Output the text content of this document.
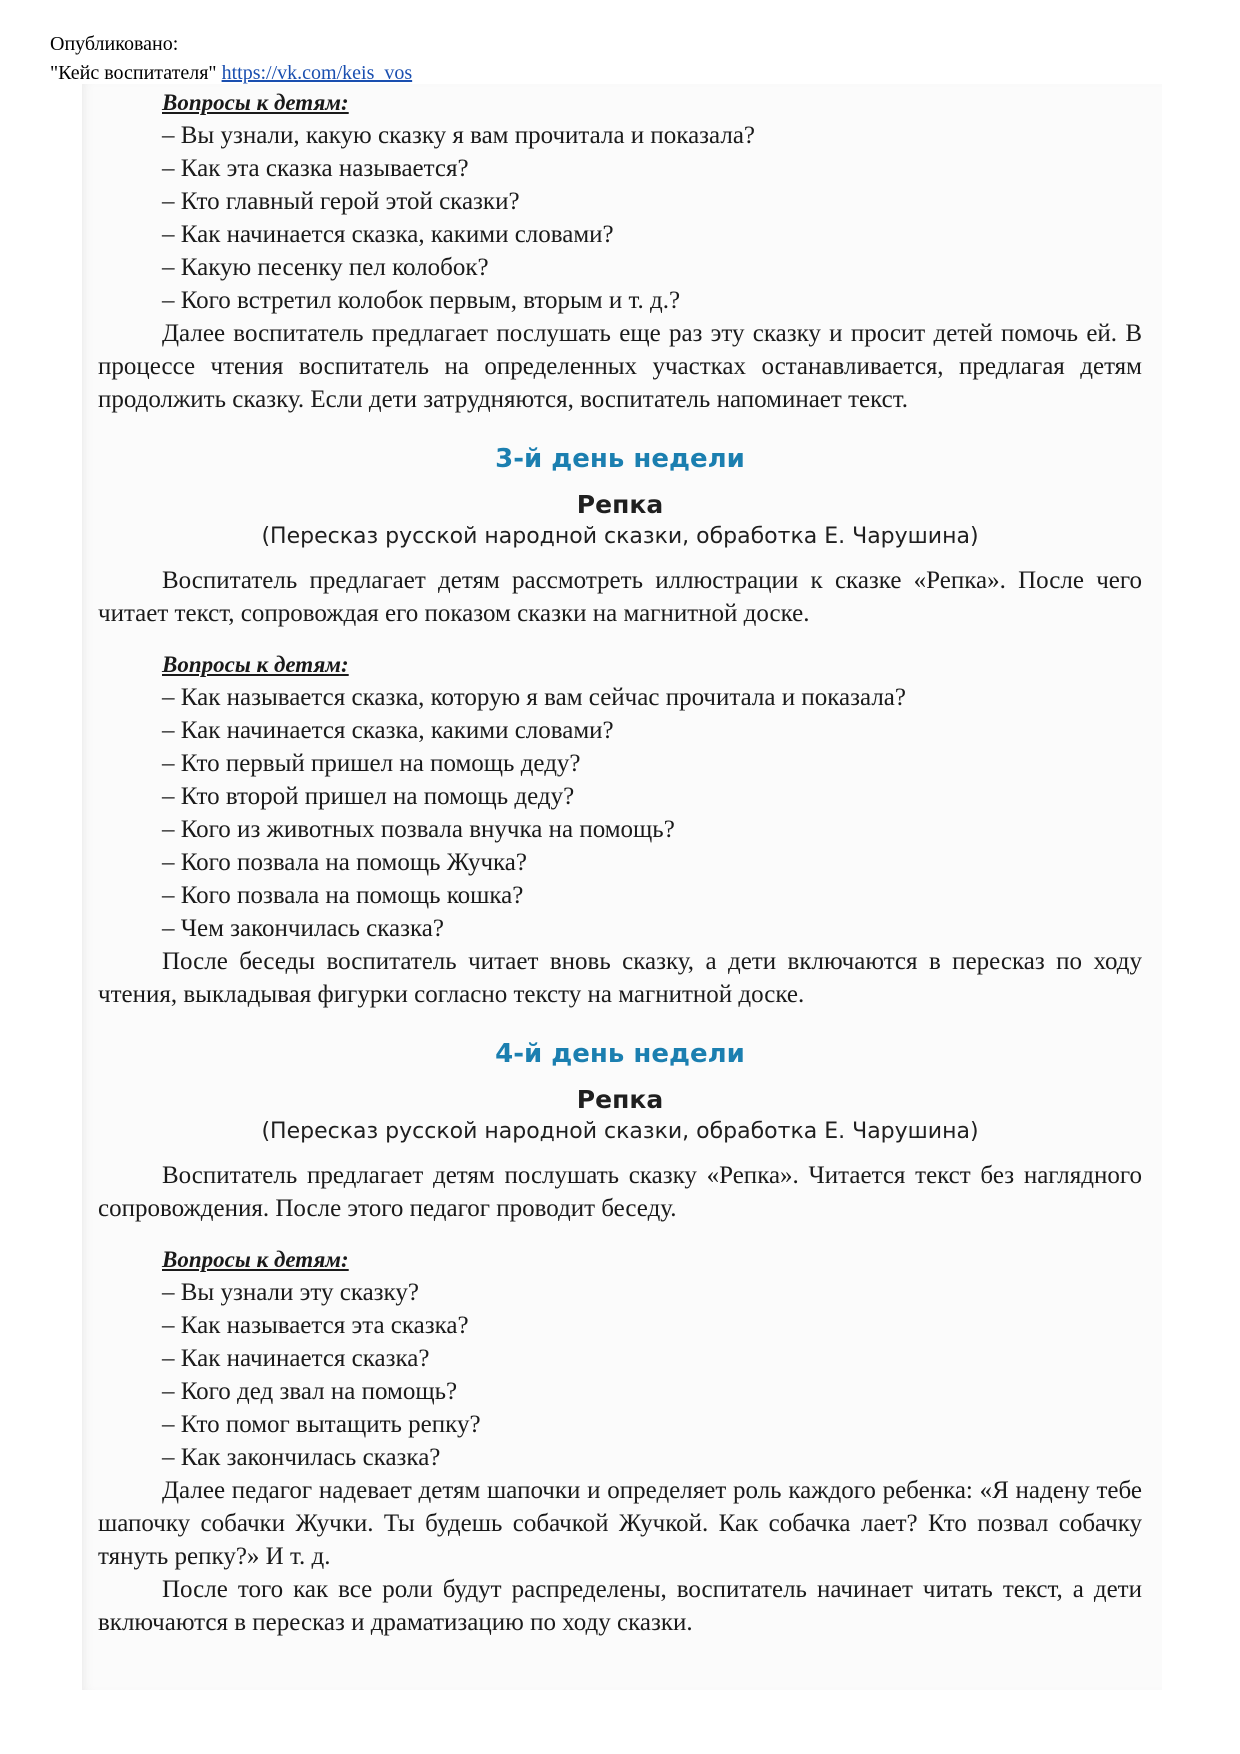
Опубликовано:
"Кейс воспитателя" https://vk.com/keis_vos
Вопросы к детям:
– Вы узнали, какую сказку я вам прочитала и показала?
– Как эта сказка называется?
– Кто главный герой этой сказки?
– Как начинается сказка, какими словами?
– Какую песенку пел колобок?
– Кого встретил колобок первым, вторым и т. д.?

Далее воспитатель предлагает послушать еще раз эту сказку и просит детей помочь ей. В процессе чтения воспитатель на определенных участках останавливается, предлагая детям продолжить сказку. Если дети затрудняются, воспитатель напоминает текст.

3-й день недели
Репка
(Пересказ русской народной сказки, обработка Е. Чарушина)

Воспитатель предлагает детям рассмотреть иллюстрации к сказке «Репка». После чего читает текст, сопровождая его показом сказки на магнитной доске.

Вопросы к детям:
– Как называется сказка, которую я вам сейчас прочитала и показала?
– Как начинается сказка, какими словами?
– Кто первый пришел на помощь деду?
– Кто второй пришел на помощь деду?
– Кого из животных позвала внучка на помощь?
– Кого позвала на помощь Жучка?
– Кого позвала на помощь кошка?
– Чем закончилась сказка?

После беседы воспитатель читает вновь сказку, а дети включаются в пересказ по ходу чтения, выкладывая фигурки согласно тексту на магнитной доске.

4-й день недели
Репка
(Пересказ русской народной сказки, обработка Е. Чарушина)

Воспитатель предлагает детям послушать сказку «Репка». Читается текст без наглядного сопровождения. После этого педагог проводит беседу.

Вопросы к детям:
– Вы узнали эту сказку?
– Как называется эта сказка?
– Как начинается сказка?
– Кого дед звал на помощь?
– Кто помог вытащить репку?
– Как закончилась сказка?

Далее педагог надевает детям шапочки и определяет роль каждого ребенка: «Я надену тебе шапочку собачки Жучки. Ты будешь собачкой Жучкой. Как собачка лает? Кто позвал собачку тянуть репку?» И т. д.

После того как все роли будут распределены, воспитатель начинает читать текст, а дети включаются в пересказ и драматизацию по ходу сказки.
